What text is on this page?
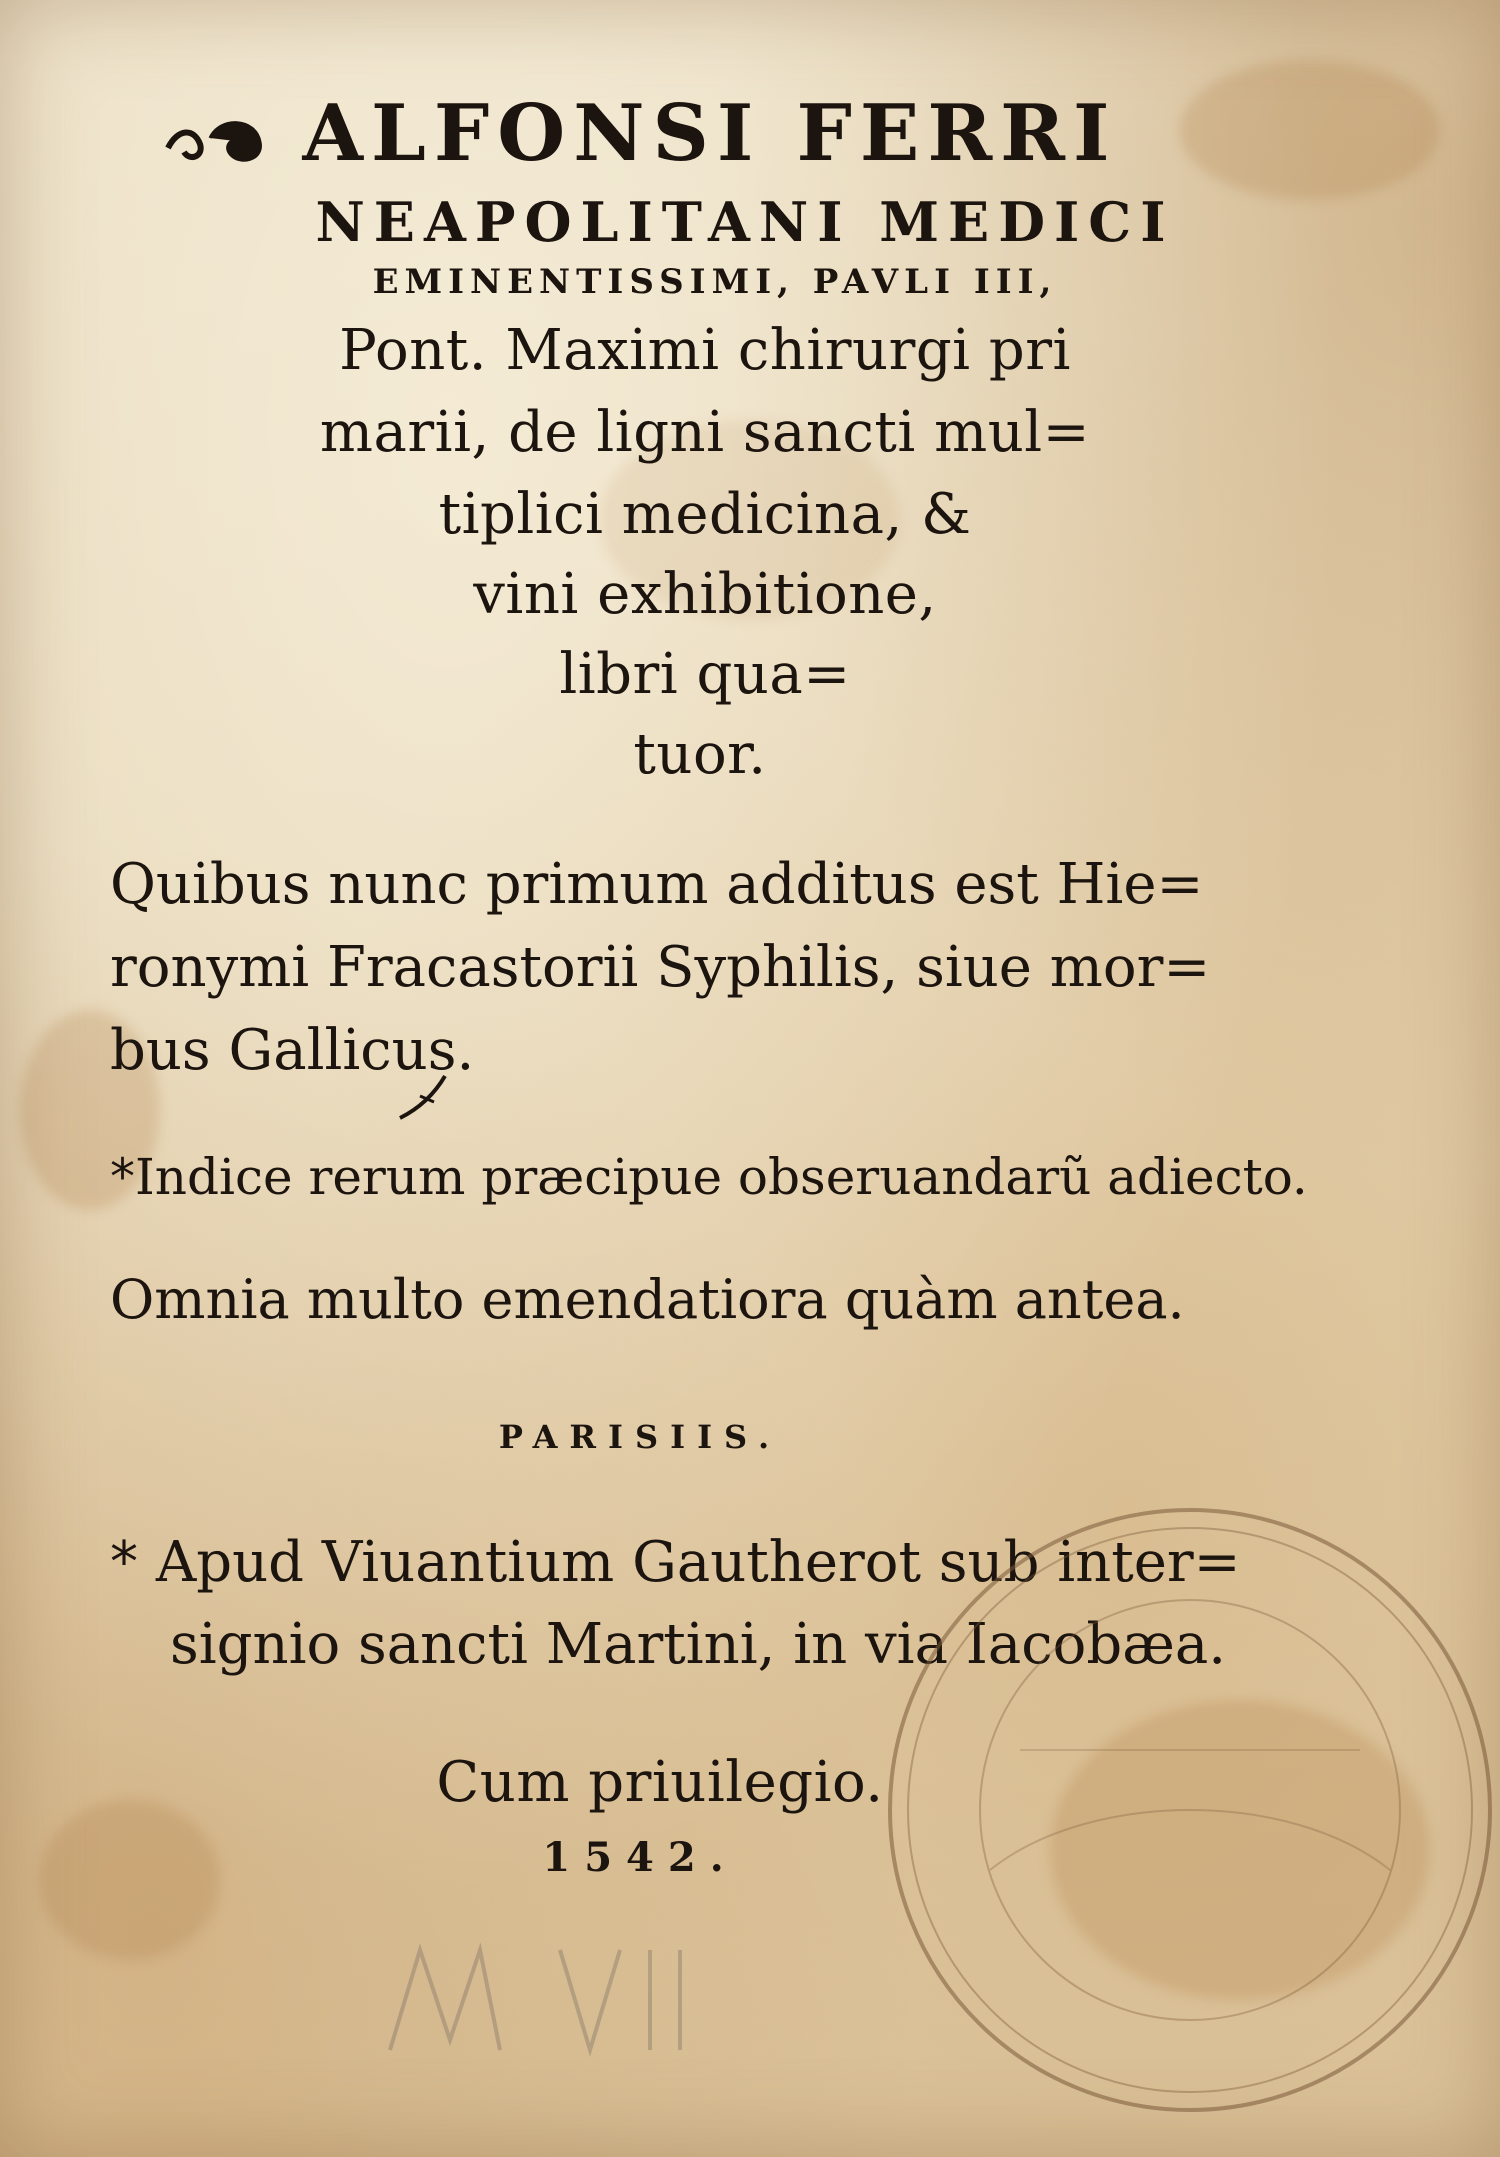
ALFONSI FERRI
NEAPOLITANI MEDICI
EMINENTISSIMI, PAVLI III,
Pont. Maximi chirurgi pri
marii, de ligni sancti mul=
tiplici medicina, &
vini exhibitione,
libri qua=
tuor.
Quibus nunc primum additus est Hie=
ronymi Fracastorii Syphilis, siue mor=
bus Gallicus.
*Indice rerum præcipue obseruandarũ adiecto.
Omnia multo emendatiora quàm antea.
PARISIIS.
* Apud Viuantium Gautherot sub inter=
signio sancti Martini, in via Iacobæa.
Cum priuilegio.
1542.
